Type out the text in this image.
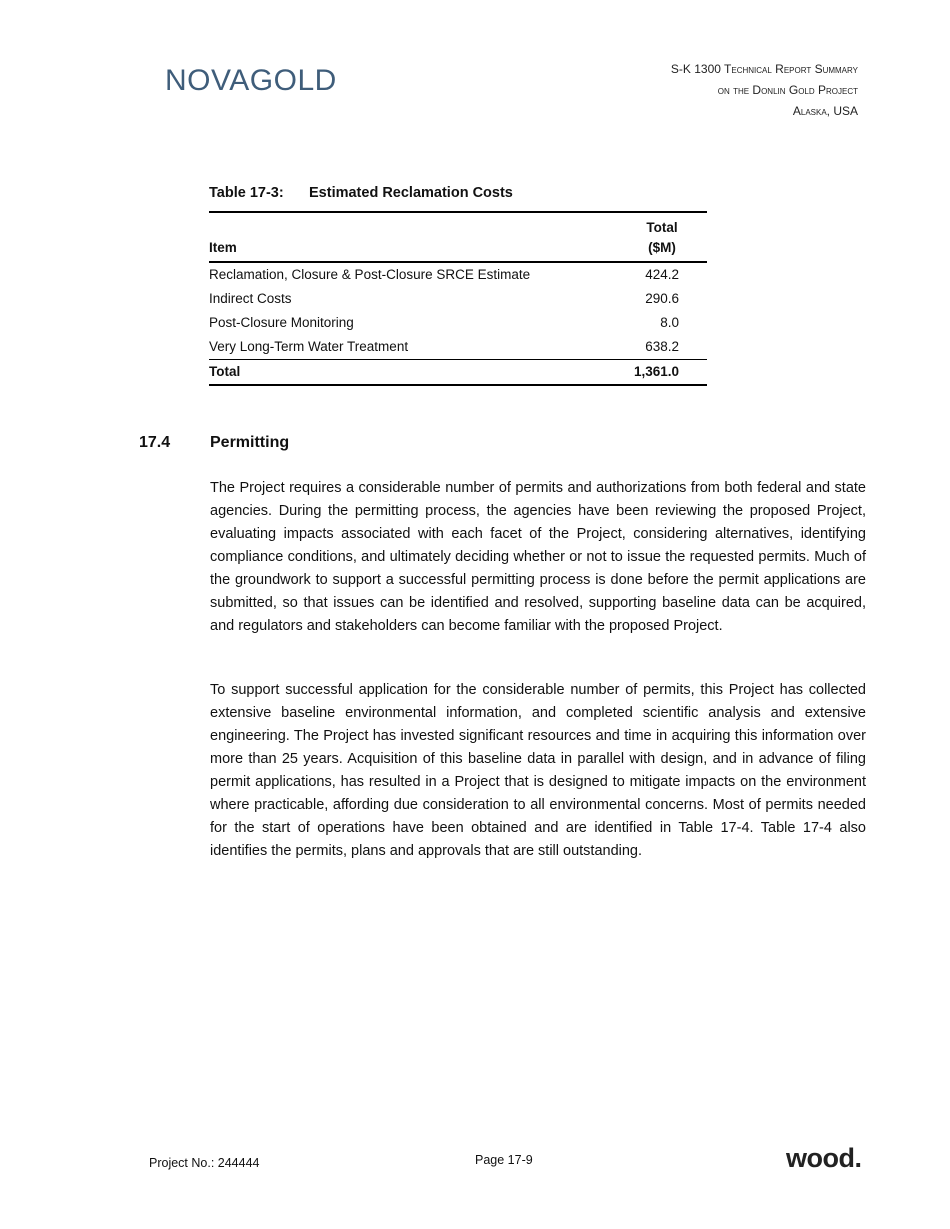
NOVAGOLD	S-K 1300 Technical Report Summary
on the Donlin Gold Project
Alaska, USA
Table 17-3: Estimated Reclamation Costs
Item	Total
($M)

Reclamation, Closure & Post-Closure SRCE Estimate	424.2
Indirect Costs	290.6
Post-Closure Monitoring	8.0
Very Long-Term Water Treatment	638.2
Total	1,361.0
17.4 Permitting

The Project requires a considerable number of permits and authorizations from both federal and state agencies. During the permitting process, the agencies have been reviewing the proposed Project, evaluating impacts associated with each facet of the Project, considering alternatives, identifying compliance conditions, and ultimately deciding whether or not to issue the requested permits. Much of the groundwork to support a successful permitting process is done before the permit applications are submitted, so that issues can be identified and resolved, supporting baseline data can be acquired, and regulators and stakeholders can become familiar with the proposed Project.

To support successful application for the considerable number of permits, this Project has collected extensive baseline environmental information, and completed scientific analysis and extensive engineering. The Project has invested significant resources and time in acquiring this information over more than 25 years. Acquisition of this baseline data in parallel with design, and in advance of filing permit applications, has resulted in a Project that is designed to mitigate impacts on the environment where practicable, affording due consideration to all environmental concerns. Most of permits needed for the start of operations have been obtained and are identified in Table 17-4. Table 17-4 also identifies the permits, plans and approvals that are still outstanding.

Project No.: 244444	Page 17-9	wood.
